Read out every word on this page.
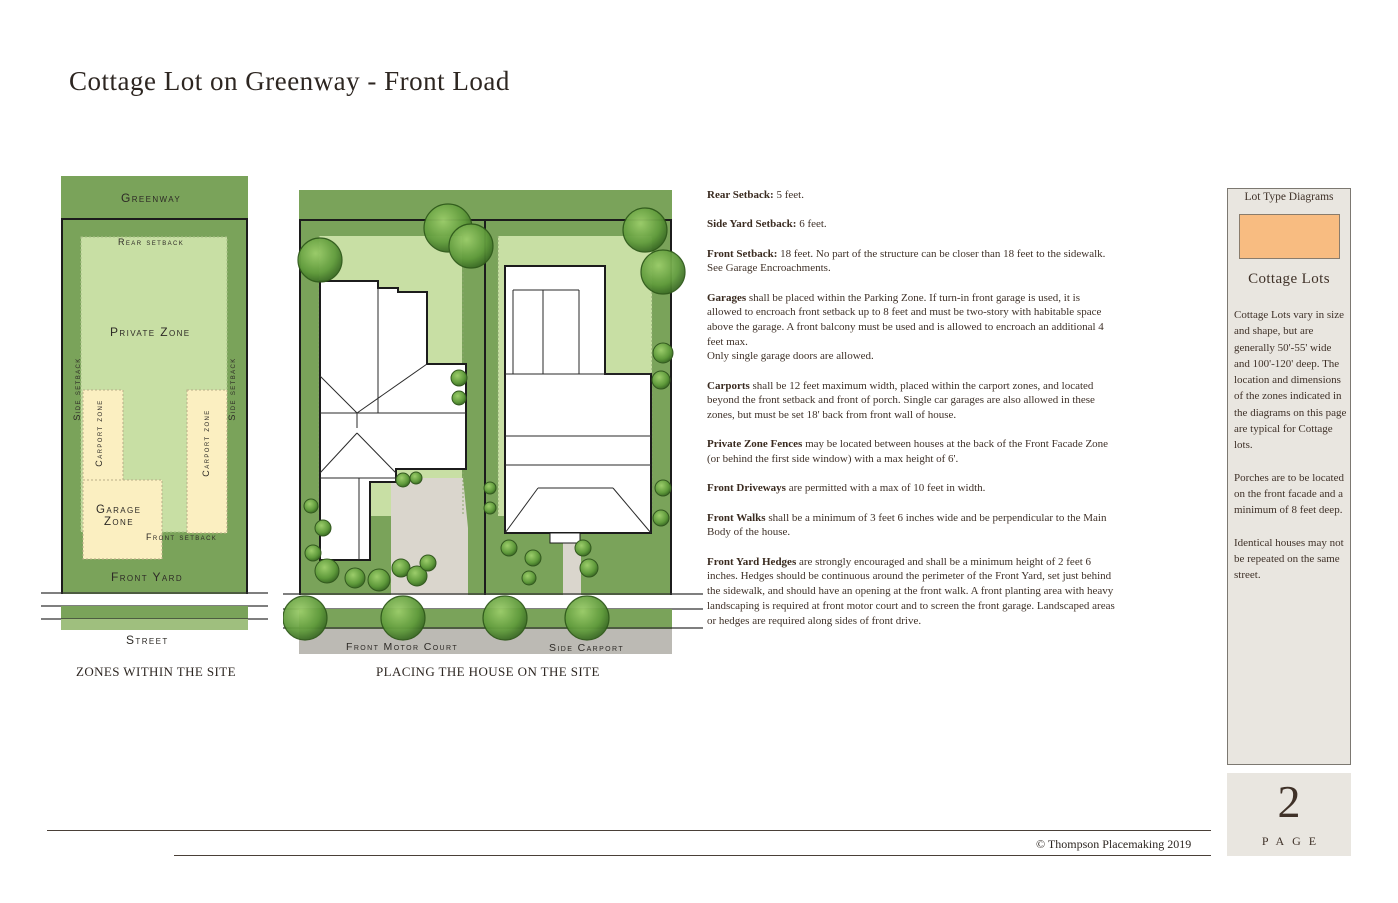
Cottage Lot on Greenway - Front Load
Greenway
Rear setback
Private Zone
Side setback	Side setback
Carport zone	Carport zone
Garage
Zone
Front setback
Front Yard
Street
ZONES WITHIN THE SITE
Front Motor Court	Side Carport
PLACING THE HOUSE ON THE SITE

Rear Setback: 5 feet.

Side Yard Setback: 6 feet.

Front Setback: 18 feet. No part of the structure can be closer than 18 feet to the sidewalk. See Garage Encroachments.

Garages shall be placed within the Parking Zone. If turn-in front garage is used, it is allowed to encroach front setback up to 8 feet and must be two-story with habitable space above the garage. A front balcony must be used and is allowed to encroach an additional 4 feet max.
Only single garage doors are allowed.

Carports shall be 12 feet maximum width, placed within the carport zones, and located beyond the front setback and front of porch. Single car garages are also allowed in these zones, but must be set 18' back from front wall of house.

Private Zone Fences may be located between houses at the back of the Front Facade Zone (or behind the first side window) with a max height of 6'.

Front Driveways are permitted with a max of 10 feet in width.

Front Walks shall be a minimum of 3 feet 6 inches wide and be perpendicular to the Main Body of the house.

Front Yard Hedges are strongly encouraged and shall be a minimum height of 2 feet 6 inches. Hedges should be continuous around the perimeter of the Front Yard, set just behind the sidewalk, and should have an opening at the front walk. A front planting area with heavy landscaping is required at front motor court and to screen the front garage. Landscaped areas or hedges are required along sides of front drive.

Lot Type Diagrams
Cottage Lots

Cottage Lots vary in size and shape, but are generally 50'-55' wide and 100'-120' deep. The location and dimensions of the zones indicated in the diagrams on this page are typical for Cottage lots.

Porches are to be located on the front facade and a minimum of 8 feet deep.

Identical houses may not be repeated on the same street.

2
PAGE
© Thompson Placemaking 2019
